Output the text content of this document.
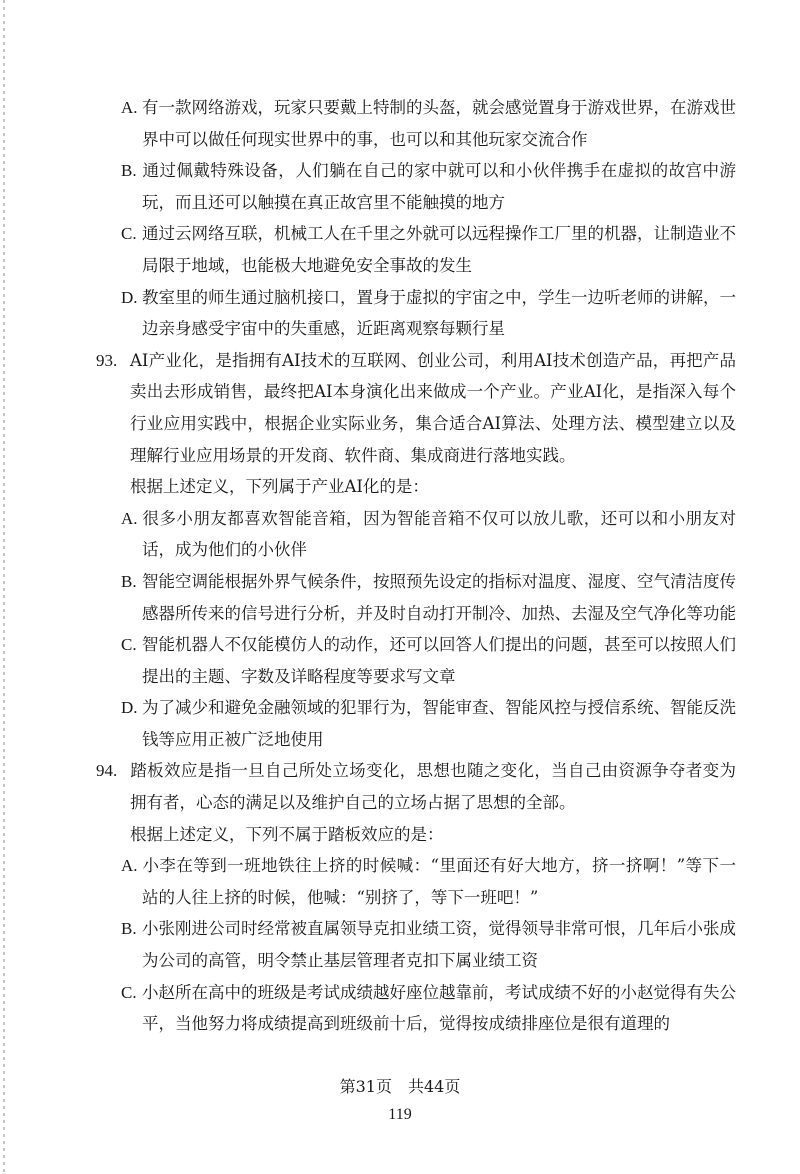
A. 有一款网络游戏，玩家只要戴上特制的头盔，就会感觉置身于游戏世界，在游戏世界中可以做任何现实世界中的事，也可以和其他玩家交流合作

B. 通过佩戴特殊设备，人们躺在自己的家中就可以和小伙伴携手在虚拟的故宫中游玩，而且还可以触摸在真正故宫里不能触摸的地方

C. 通过云网络互联，机械工人在千里之外就可以远程操作工厂里的机器，让制造业不局限于地域，也能极大地避免安全事故的发生

D. 教室里的师生通过脑机接口，置身于虚拟的宇宙之中，学生一边听老师的讲解，一边亲身感受宇宙中的失重感，近距离观察每颗行星

93. AI产业化，是指拥有AI技术的互联网、创业公司，利用AI技术创造产品，再把产品卖出去形成销售，最终把AI本身演化出来做成一个产业。产业AI化，是指深入每个行业应用实践中，根据企业实际业务，集合适合AI算法、处理方法、模型建立以及理解行业应用场景的开发商、软件商、集成商进行落地实践。

根据上述定义，下列属于产业AI化的是：

A. 很多小朋友都喜欢智能音箱，因为智能音箱不仅可以放儿歌，还可以和小朋友对话，成为他们的小伙伴

B. 智能空调能根据外界气候条件，按照预先设定的指标对温度、湿度、空气清洁度传感器所传来的信号进行分析，并及时自动打开制冷、加热、去湿及空气净化等功能

C. 智能机器人不仅能模仿人的动作，还可以回答人们提出的问题，甚至可以按照人们提出的主题、字数及详略程度等要求写文章

D. 为了减少和避免金融领域的犯罪行为，智能审查、智能风控与授信系统、智能反洗钱等应用正被广泛地使用

94. 踏板效应是指一旦自己所处立场变化，思想也随之变化，当自己由资源争夺者变为拥有者，心态的满足以及维护自己的立场占据了思想的全部。

根据上述定义，下列不属于踏板效应的是：

A. 小李在等到一班地铁往上挤的时候喊：“里面还有好大地方，挤一挤啊！”等下一站的人往上挤的时候，他喊：“别挤了，等下一班吧！”

B. 小张刚进公司时经常被直属领导克扣业绩工资，觉得领导非常可恨，几年后小张成为公司的高管，明令禁止基层管理者克扣下属业绩工资

C. 小赵所在高中的班级是考试成绩越好座位越靠前，考试成绩不好的小赵觉得有失公平，当他努力将成绩提高到班级前十后，觉得按成绩排座位是很有道理的

第31页　共44页
119
